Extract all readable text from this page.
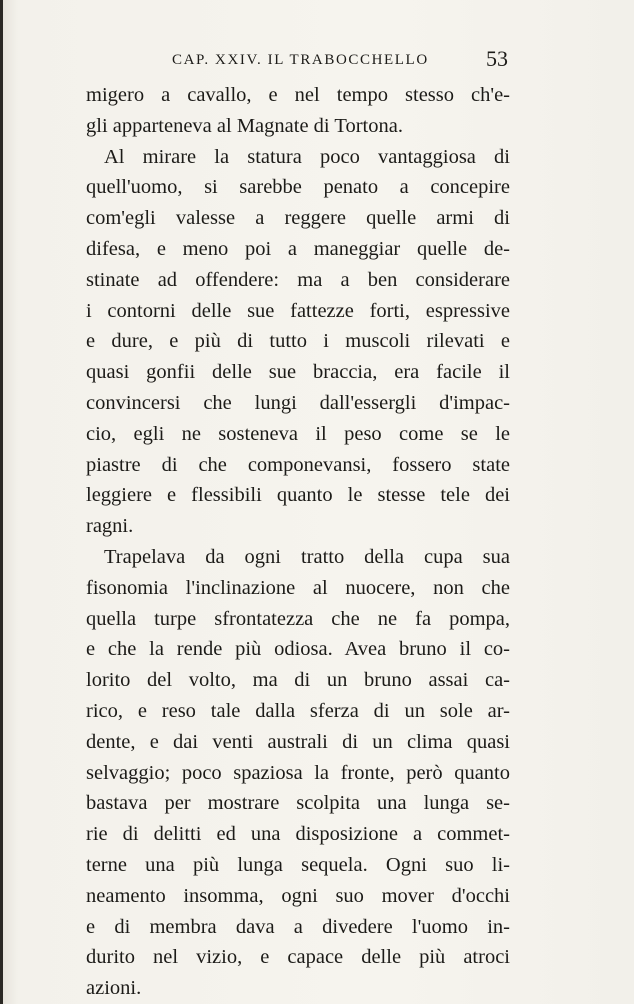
CAP. XXIV. IL TRABOCCHELLO	53
migero a cavallo, e nel tempo stesso ch'e-
gli apparteneva al Magnate di Tortona.
Al mirare la statura poco vantaggiosa di
quell'uomo, si sarebbe penato a concepire
com'egli valesse a reggere quelle armi di
difesa, e meno poi a maneggiar quelle de-
stinate ad offendere: ma a ben considerare
i contorni delle sue fattezze forti, espressive
e dure, e più di tutto i muscoli rilevati e
quasi gonfii delle sue braccia, era facile il
convincersi che lungi dall'essergli d'impac-
cio, egli ne sosteneva il peso come se le
piastre di che componevansi, fossero state
leggiere e flessibili quanto le stesse tele dei
ragni.
Trapelava da ogni tratto della cupa sua
fisonomia l'inclinazione al nuocere, non che
quella turpe sfrontatezza che ne fa pompa,
e che la rende più odiosa. Avea bruno il co-
lorito del volto, ma di un bruno assai ca-
rico, e reso tale dalla sferza di un sole ar-
dente, e dai venti australi di un clima quasi
selvaggio; poco spaziosa la fronte, però quanto
bastava per mostrare scolpita una lunga se-
rie di delitti ed una disposizione a commet-
terne una più lunga sequela. Ogni suo li-
neamento insomma, ogni suo mover d'occhi
e di membra dava a divedere l'uomo in-
durito nel vizio, e capace delle più atroci
azioni.
